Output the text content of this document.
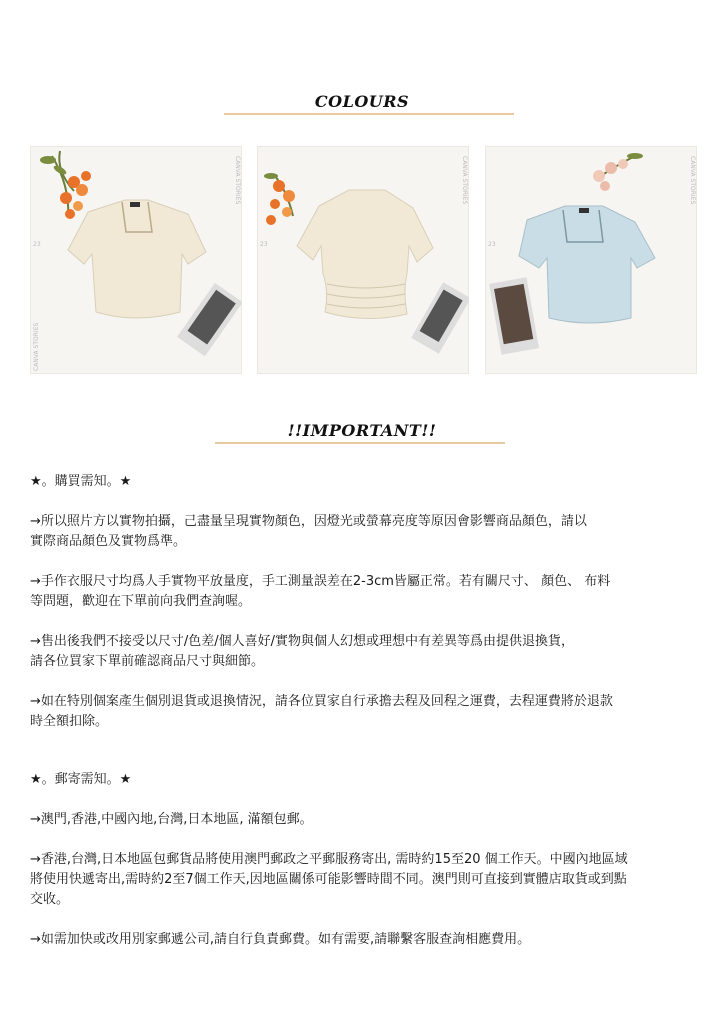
COLOURS
CANVA STORIES
CANVA STORIES
23
CANVA STORIES
23
CANVA STORIES
23
!!IMPORTANT!!

★。購買需知。★

→所以照片方以實物拍攝，己盡量呈現實物顏色，因燈光或螢幕亮度等原因會影響商品顏色，請以

實際商品顏色及實物爲準。

→手作衣服尺寸均爲人手實物平放量度，手工測量誤差在2-3cm皆屬正常。若有關尺寸、 顏色、 布料

等問題，歡迎在下單前向我們查詢喔。

→售出後我們不接受以尺寸/色差/個人喜好/實物與個人幻想或理想中有差異等爲由提供退換貨，

請各位買家下單前確認商品尺寸與細節。

→如在特別個案產生個別退貨或退換情況，請各位買家自行承擔去程及回程之運費，去程運費將於退款

時全額扣除。

★。郵寄需知。★

→澳門,香港,中國內地,台灣,日本地區, 滿額包郵。

→香港,台灣,日本地區包郵貨品將使用澳門郵政之平郵服務寄出, 需時約15至20 個工作天。中國內地區域

將使用快遞寄出,需時約2至7個工作天,因地區關係可能影響時間不同。澳門則可直接到實體店取貨或到點

交收。

→如需加快或改用別家郵遞公司,請自行負責郵費。如有需要,請聯繫客服查詢相應費用。
